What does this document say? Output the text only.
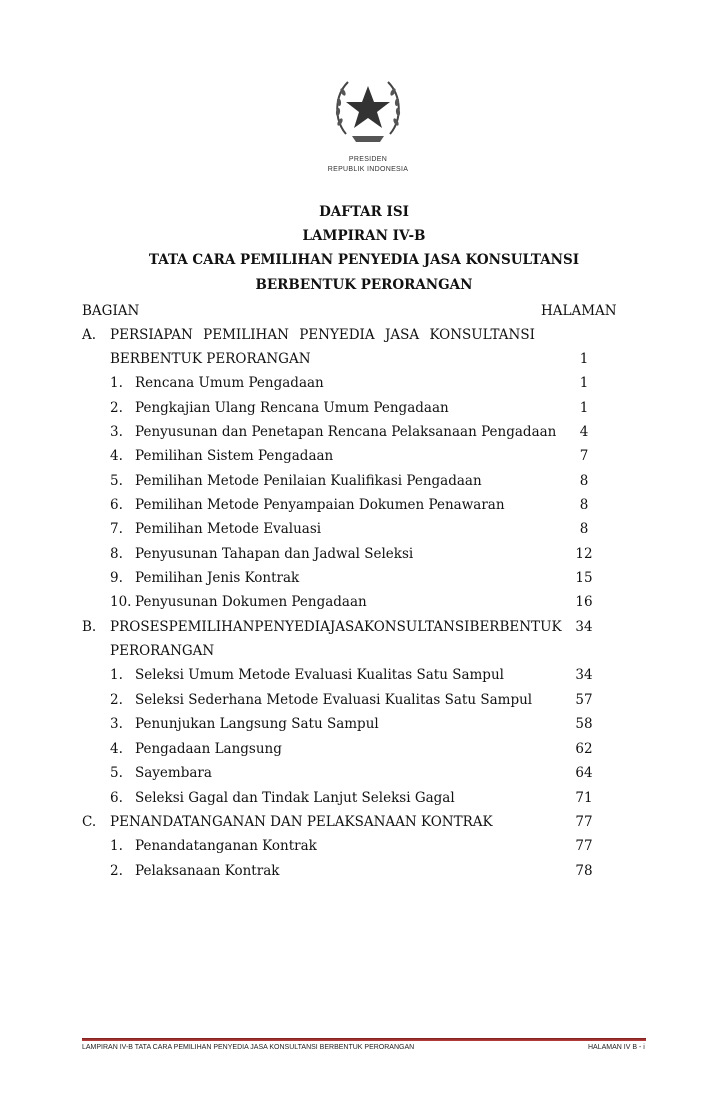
PRESIDEN
REPUBLIK INDONESIA
DAFTAR ISI
LAMPIRAN IV-B
TATA CARA PEMILIHAN PENYEDIA JASA KONSULTANSI
BERBENTUK PERORANGAN
BAGIAN	HALAMAN
A. PERSIAPAN PEMILIHAN PENYEDIA JASA KONSULTANSI
BERBENTUK PERORANGAN	1
1. Rencana Umum Pengadaan	1
2. Pengkajian Ulang Rencana Umum Pengadaan	1
3. Penyusunan dan Penetapan Rencana Pelaksanaan Pengadaan	4
4. Pemilihan Sistem Pengadaan	7
5. Pemilihan Metode Penilaian Kualifikasi Pengadaan	8
6. Pemilihan Metode Penyampaian Dokumen Penawaran	8
7. Pemilihan Metode Evaluasi	8
8. Penyusunan Tahapan dan Jadwal Seleksi	12
9. Pemilihan Jenis Kontrak	15
10. Penyusunan Dokumen Pengadaan	16
B. PROSES PEMILIHAN PENYEDIA JASA KONSULTANSI BERBENTUK	34
PERORANGAN
1. Seleksi Umum Metode Evaluasi Kualitas Satu Sampul	34
2. Seleksi Sederhana Metode Evaluasi Kualitas Satu Sampul	57
3. Penunjukan Langsung Satu Sampul	58
4. Pengadaan Langsung	62
5. Sayembara	64
6. Seleksi Gagal dan Tindak Lanjut Seleksi Gagal	71
C. PENANDATANGANAN DAN PELAKSANAAN KONTRAK	77
1. Penandatanganan Kontrak	77
2. Pelaksanaan Kontrak	78
LAMPIRAN IV-B TATA CARA PEMILIHAN PENYEDIA JASA KONSULTANSI BERBENTUK PERORANGAN	HALAMAN IV B - i
